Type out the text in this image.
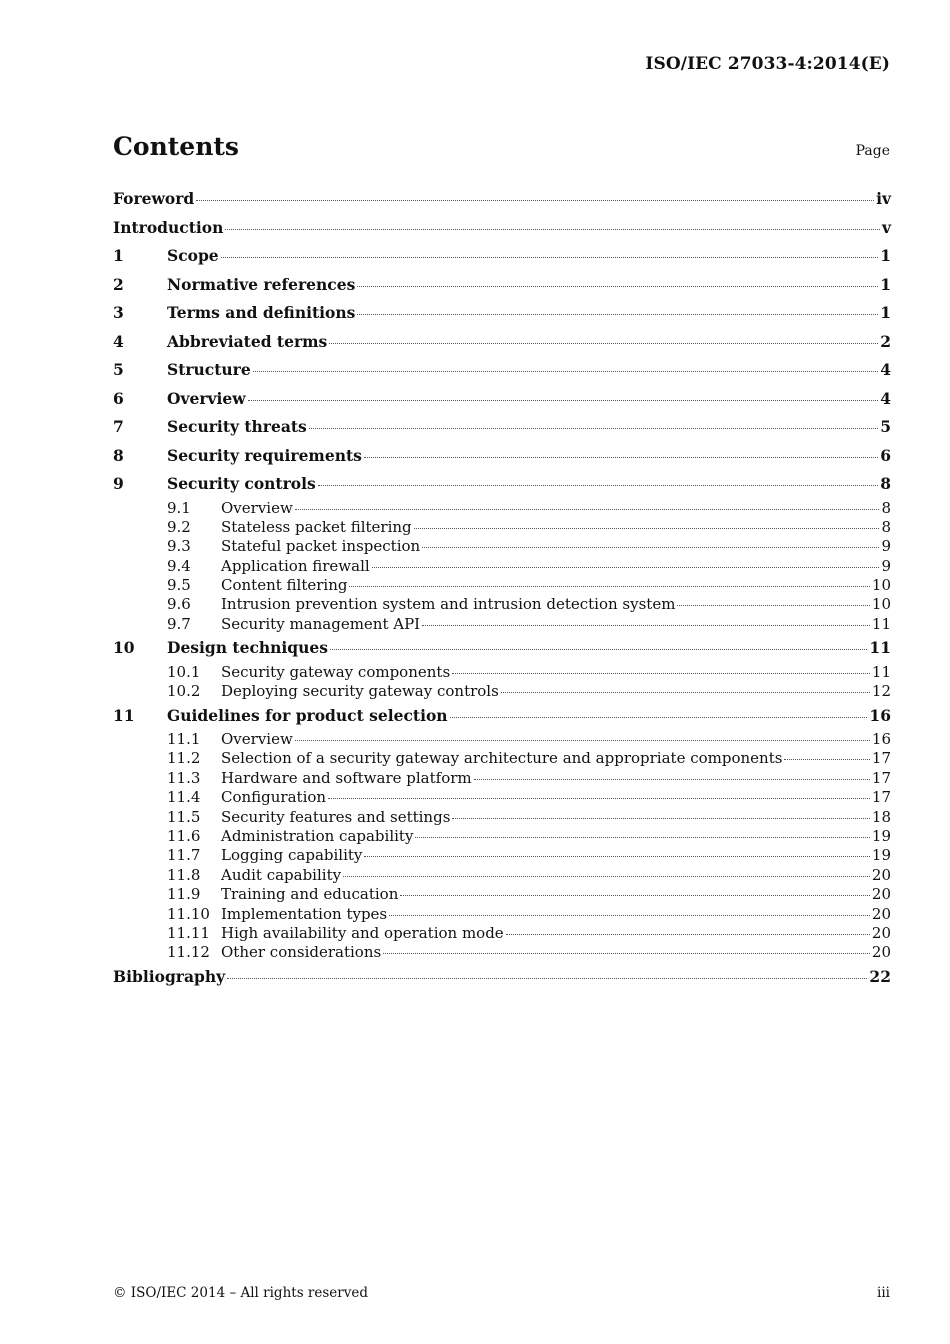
ISO/IEC 27033-4:2014(E)
Contents	Page
Foreword	iv
Introduction	v
1	Scope	1
2	Normative references	1
3	Terms and definitions	1
4	Abbreviated terms	2
5	Structure	4
6	Overview	4
7	Security threats	5
8	Security requirements	6
9	Security controls	8
9.1	Overview	8
9.2	Stateless packet filtering	8
9.3	Stateful packet inspection	9
9.4	Application firewall	9
9.5	Content filtering	10
9.6	Intrusion prevention system and intrusion detection system	10
9.7	Security management API	11
10	Design techniques	11
10.1	Security gateway components	11
10.2	Deploying security gateway controls	12
11	Guidelines for product selection	16
11.1	Overview	16
11.2	Selection of a security gateway architecture and appropriate components	17
11.3	Hardware and software platform	17
11.4	Configuration	17
11.5	Security features and settings	18
11.6	Administration capability	19
11.7	Logging capability	19
11.8	Audit capability	20
11.9	Training and education	20
11.10 Implementation types	20
11.11 High availability and operation mode	20
11.12 Other considerations	20
Bibliography	22
© ISO/IEC 2014 – All rights reserved	iii
